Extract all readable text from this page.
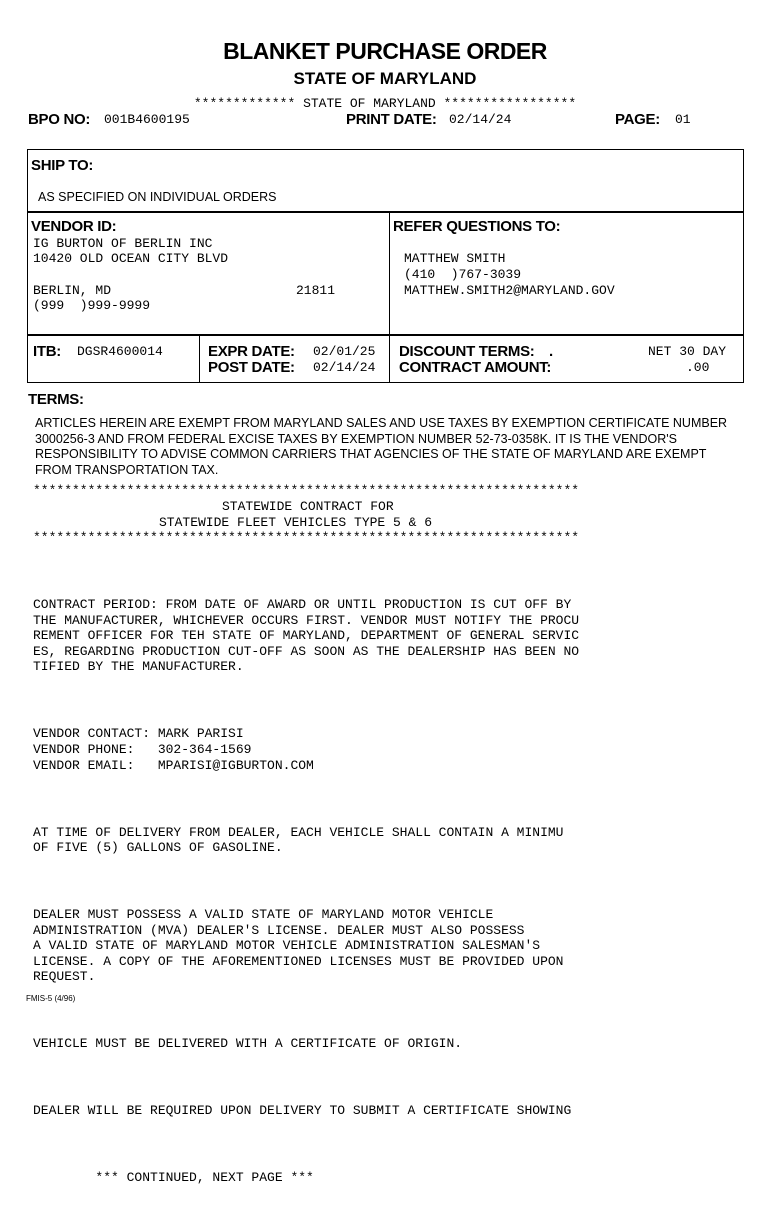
BLANKET PURCHASE ORDER
STATE OF MARYLAND
************* STATE OF MARYLAND *****************
BPO NO: 001B4600195	PRINT DATE: 02/14/24	PAGE: 01
SHIP TO:
AS SPECIFIED ON INDIVIDUAL ORDERS
VENDOR ID:
IG BURTON OF BERLIN INC
10420 OLD OCEAN CITY BLVD
BERLIN, MD	21811
(999  )999-9999
REFER QUESTIONS TO:
MATTHEW SMITH
(410  )767-3039
MATTHEW.SMITH2@MARYLAND.GOV
ITB: DGSR4600014	EXPR DATE: 02/01/25
POST DATE: 02/14/24
DISCOUNT TERMS: .	NET 30 DAY
CONTRACT AMOUNT:	.00
TERMS:
ARTICLES HEREIN ARE EXEMPT FROM MARYLAND SALES AND USE TAXES BY EXEMPTION CERTIFICATE NUMBER 3000256-3 AND FROM FEDERAL EXCISE TAXES BY EXEMPTION NUMBER 52-73-0358K. IT IS THE VENDOR'S RESPONSIBILITY TO ADVISE COMMON CARRIERS THAT AGENCIES OF THE STATE OF MARYLAND ARE EXEMPT FROM TRANSPORTATION TAX.
**********************************************************************
STATEWIDE CONTRACT FOR
STATEWIDE FLEET VEHICLES TYPE 5 & 6
**********************************************************************

CONTRACT PERIOD: FROM DATE OF AWARD OR UNTIL PRODUCTION IS CUT OFF BY
THE MANUFACTURER, WHICHEVER OCCURS FIRST. VENDOR MUST NOTIFY THE PROCU
REMENT OFFICER FOR TEH STATE OF MARYLAND, DEPARTMENT OF GENERAL SERVIC
ES, REGARDING PRODUCTION CUT-OFF AS SOON AS THE DEALERSHIP HAS BEEN NO
TIFIED BY THE MANUFACTURER.

VENDOR CONTACT: MARK PARISI
VENDOR PHONE:   302-364-1569
VENDOR EMAIL:   MPARISI@IGBURTON.COM

AT TIME OF DELIVERY FROM DEALER, EACH VEHICLE SHALL CONTAIN A MINIMU
OF FIVE (5) GALLONS OF GASOLINE.

DEALER MUST POSSESS A VALID STATE OF MARYLAND MOTOR VEHICLE
ADMINISTRATION (MVA) DEALER'S LICENSE. DEALER MUST ALSO POSSESS
A VALID STATE OF MARYLAND MOTOR VEHICLE ADMINISTRATION SALESMAN'S
LICENSE. A COPY OF THE AFOREMENTIONED LICENSES MUST BE PROVIDED UPON
REQUEST.

VEHICLE MUST BE DELIVERED WITH A CERTIFICATE OF ORIGIN.

DEALER WILL BE REQUIRED UPON DELIVERY TO SUBMIT A CERTIFICATE SHOWING

*** CONTINUED, NEXT PAGE ***

FMIS-5 (4/96)
